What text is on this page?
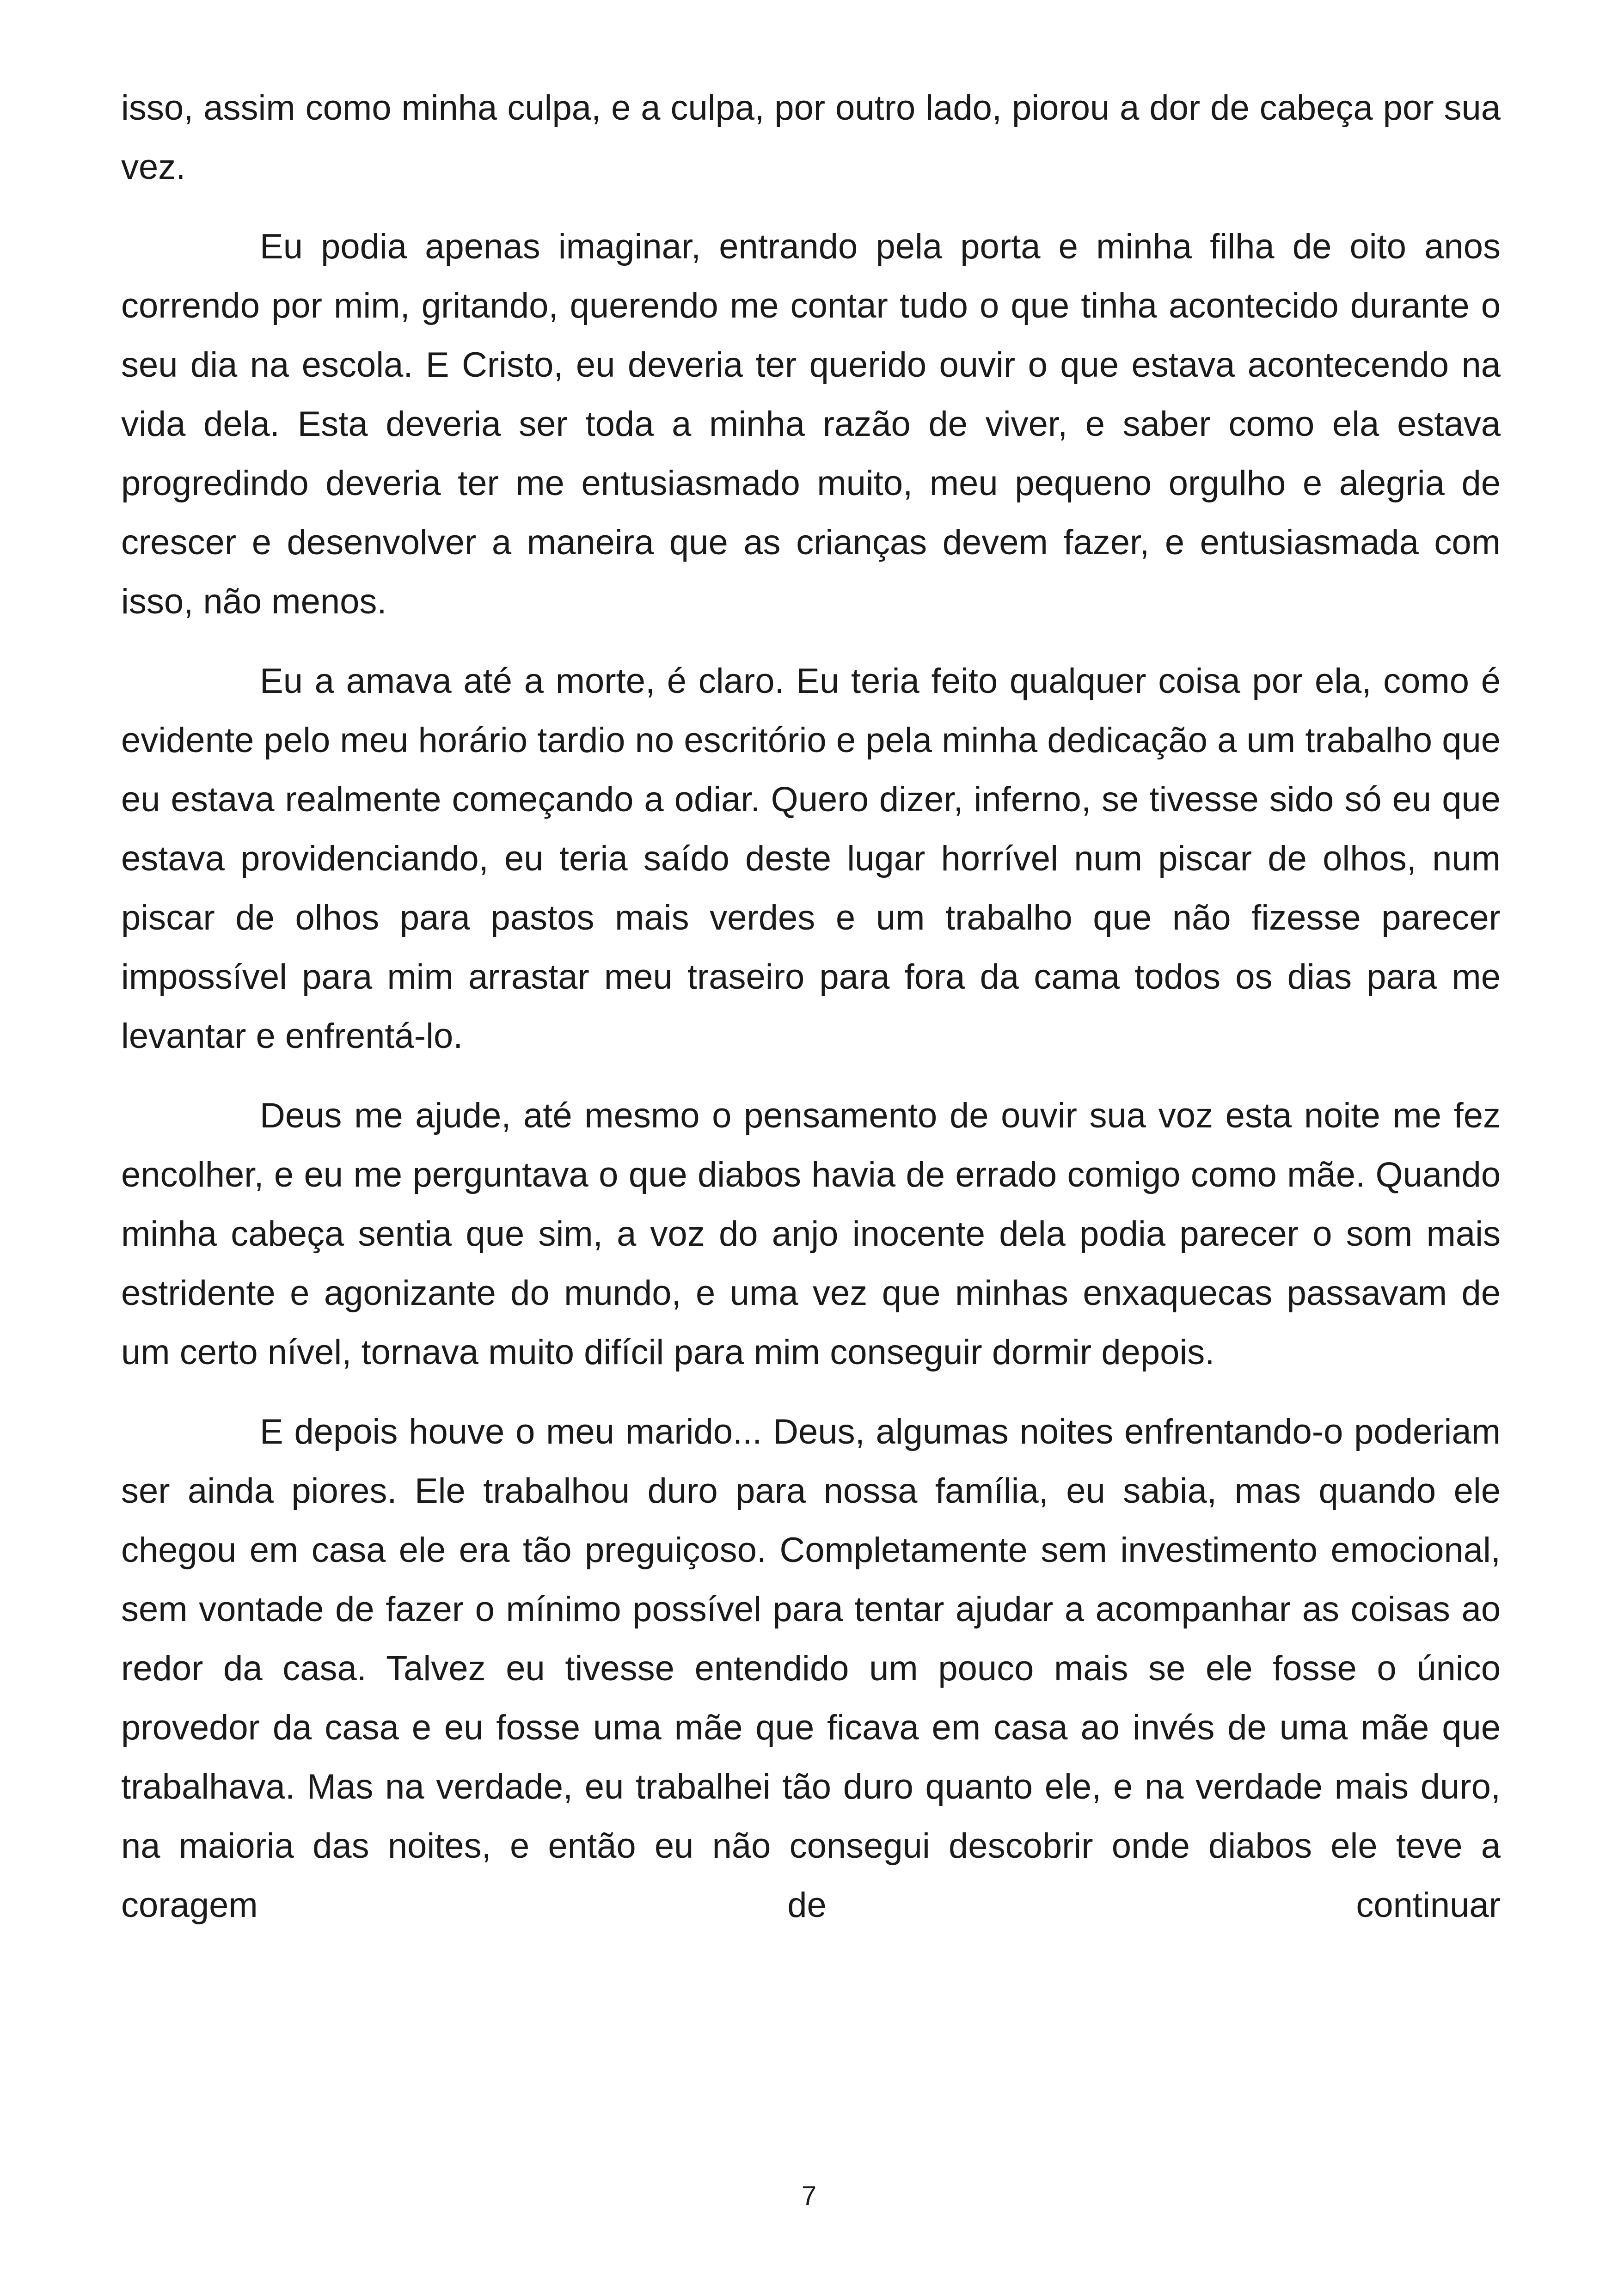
isso, assim como minha culpa, e a culpa, por outro lado, piorou a dor de cabeça por sua vez.

Eu podia apenas imaginar, entrando pela porta e minha filha de oito anos correndo por mim, gritando, querendo me contar tudo o que tinha acontecido durante o seu dia na escola. E Cristo, eu deveria ter querido ouvir o que estava acontecendo na vida dela. Esta deveria ser toda a minha razão de viver, e saber como ela estava progredindo deveria ter me entusiasmado muito, meu pequeno orgulho e alegria de crescer e desenvolver a maneira que as crianças devem fazer, e entusiasmada com isso, não menos.

Eu a amava até a morte, é claro. Eu teria feito qualquer coisa por ela, como é evidente pelo meu horário tardio no escritório e pela minha dedicação a um trabalho que eu estava realmente começando a odiar. Quero dizer, inferno, se tivesse sido só eu que estava providenciando, eu teria saído deste lugar horrível num piscar de olhos, num piscar de olhos para pastos mais verdes e um trabalho que não fizesse parecer impossível para mim arrastar meu traseiro para fora da cama todos os dias para me levantar e enfrentá-lo.

Deus me ajude, até mesmo o pensamento de ouvir sua voz esta noite me fez encolher, e eu me perguntava o que diabos havia de errado comigo como mãe. Quando minha cabeça sentia que sim, a voz do anjo inocente dela podia parecer o som mais estridente e agonizante do mundo, e uma vez que minhas enxaquecas passavam de um certo nível, tornava muito difícil para mim conseguir dormir depois.

E depois houve o meu marido... Deus, algumas noites enfrentando-o poderiam ser ainda piores. Ele trabalhou duro para nossa família, eu sabia, mas quando ele chegou em casa ele era tão preguiçoso. Completamente sem investimento emocional, sem vontade de fazer o mínimo possível para tentar ajudar a acompanhar as coisas ao redor da casa. Talvez eu tivesse entendido um pouco mais se ele fosse o único provedor da casa e eu fosse uma mãe que ficava em casa ao invés de uma mãe que trabalhava. Mas na verdade, eu trabalhei tão duro quanto ele, e na verdade mais duro, na maioria das noites, e então eu não consegui descobrir onde diabos ele teve a coragem de continuar

7
